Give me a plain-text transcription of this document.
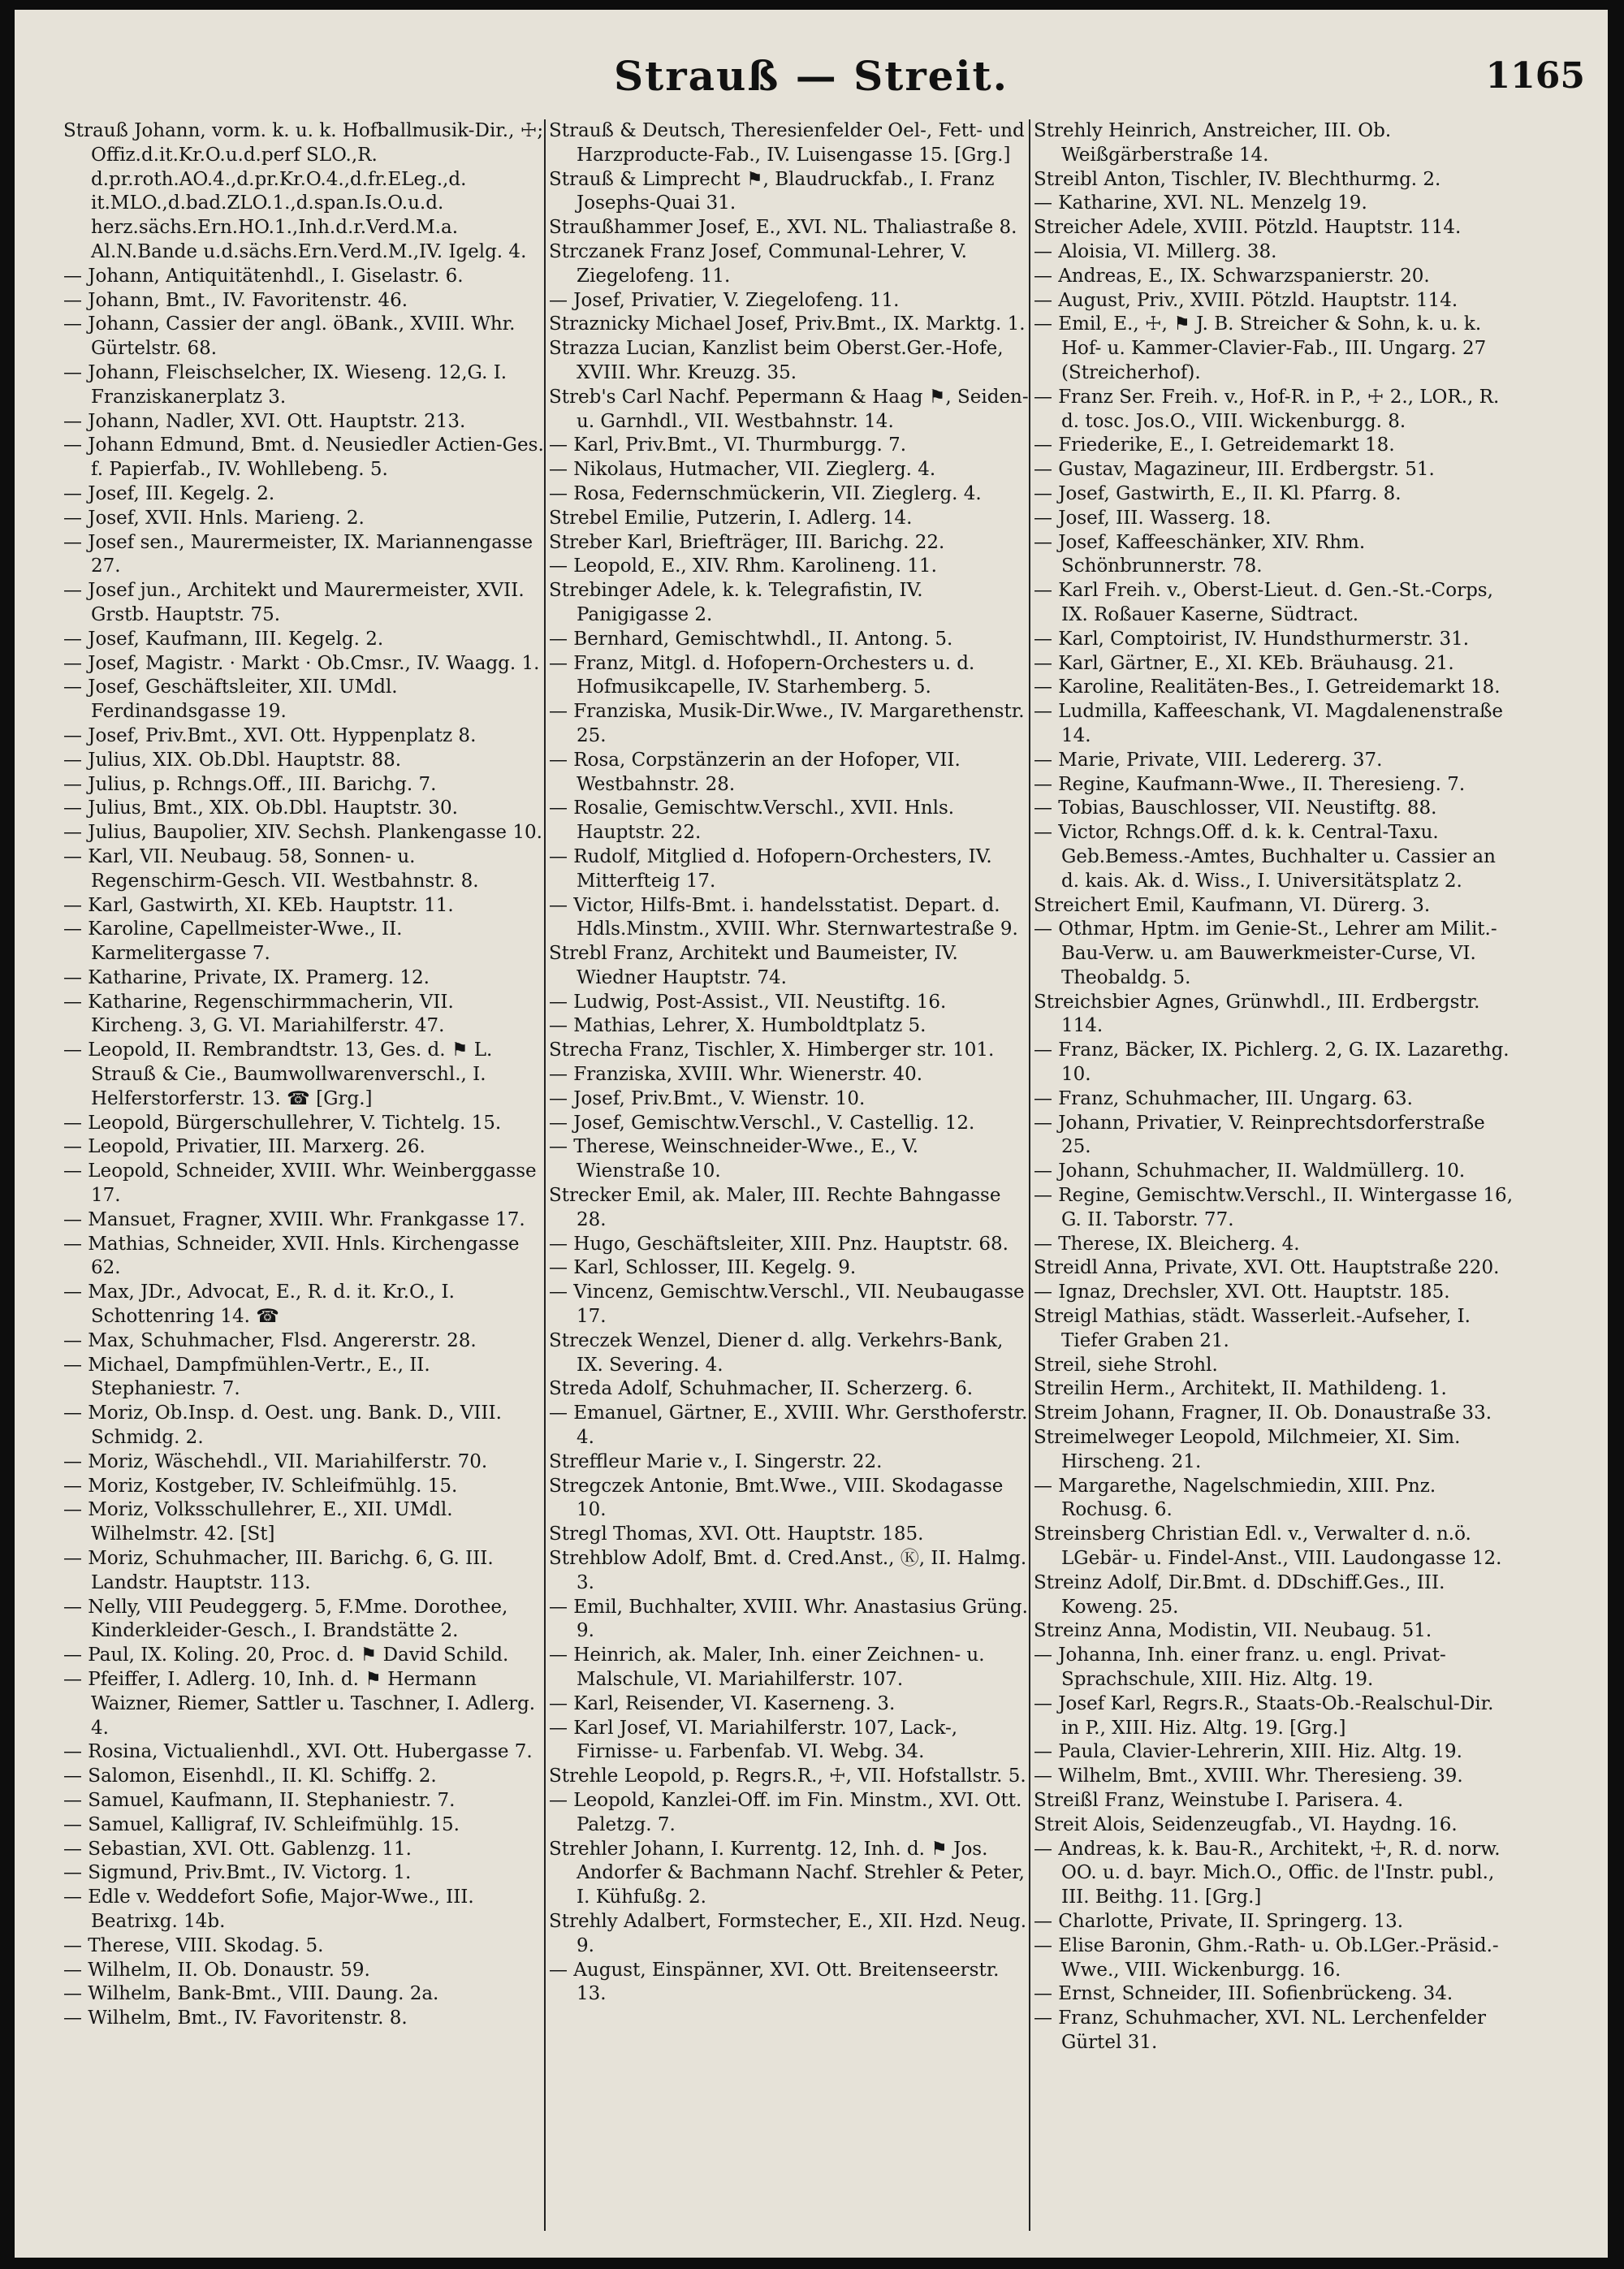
Strauß — Streit.	1165

Strauß Johann, vorm. k. u. k. Hofballmusik-Dir., ☩; Offiz.d.it.Kr.O.u.d.perf SLO.,R. d.pr.roth.AO.4.,d.pr.Kr.O.4.,d.fr.ELeg.,d. it.MLO.,d.bad.ZLO.1.,d.span.Is.O.u.d. herz.sächs.Ern.HO.1.,Inh.d.r.Verd.M.a. Al.N.Bande u.d.sächs.Ern.Verd.M.,IV. Igelg. 4.

— Johann, Antiquitätenhdl., I. Giselastr. 6.

— Johann, Bmt., IV. Favoritenstr. 46.

— Johann, Cassier der angl. öBank., XVIII. Whr. Gürtelstr. 68.

— Johann, Fleischselcher, IX. Wieseng. 12,G. I. Franziskanerplatz 3.

— Johann, Nadler, XVI. Ott. Hauptstr. 213.

— Johann Edmund, Bmt. d. Neusiedler Actien-Ges. f. Papierfab., IV. Wohllebeng. 5.

— Josef, III. Kegelg. 2.

— Josef, XVII. Hnls. Marieng. 2.

— Josef sen., Maurermeister, IX. Mariannengasse 27.

— Josef jun., Architekt und Maurermeister, XVII. Grstb. Hauptstr. 75.

— Josef, Kaufmann, III. Kegelg. 2.

— Josef, Magistr. · Markt · Ob.Cmsr., IV. Waagg. 1.

— Josef, Geschäftsleiter, XII. UMdl. Ferdinandsgasse 19.

— Josef, Priv.Bmt., XVI. Ott. Hyppenplatz 8.

— Julius, XIX. Ob.Dbl. Hauptstr. 88.

— Julius, p. Rchngs.Off., III. Barichg. 7.

— Julius, Bmt., XIX. Ob.Dbl. Hauptstr. 30.

— Julius, Baupolier, XIV. Sechsh. Plankengasse 10.

— Karl, VII. Neubaug. 58, Sonnen- u. Regenschirm-Gesch. VII. Westbahnstr. 8.

— Karl, Gastwirth, XI. KEb. Hauptstr. 11.

— Karoline, Capellmeister-Wwe., II. Karmelitergasse 7.

— Katharine, Private, IX. Pramerg. 12.

— Katharine, Regenschirmmacherin, VII. Kircheng. 3, G. VI. Mariahilferstr. 47.

— Leopold, II. Rembrandtstr. 13, Ges. d. ⚑ L. Strauß & Cie., Baumwollwarenverschl., I. Helferstorferstr. 13. ☎ [Grg.]

— Leopold, Bürgerschullehrer, V. Tichtelg. 15.

— Leopold, Privatier, III. Marxerg. 26.

— Leopold, Schneider, XVIII. Whr. Weinberggasse 17.

— Mansuet, Fragner, XVIII. Whr. Frankgasse 17.

— Mathias, Schneider, XVII. Hnls. Kirchengasse 62.

— Max, JDr., Advocat, E., R. d. it. Kr.O., I. Schottenring 14. ☎

— Max, Schuhmacher, Flsd. Angererstr. 28.

— Michael, Dampfmühlen-Vertr., E., II. Stephaniestr. 7.

— Moriz, Ob.Insp. d. Oest. ung. Bank. D., VIII. Schmidg. 2.

— Moriz, Wäschehdl., VII. Mariahilferstr. 70.

— Moriz, Kostgeber, IV. Schleifmühlg. 15.

— Moriz, Volksschullehrer, E., XII. UMdl. Wilhelmstr. 42. [St]

— Moriz, Schuhmacher, III. Barichg. 6, G. III. Landstr. Hauptstr. 113.

— Nelly, VIII Peudeggerg. 5, F.Mme. Dorothee, Kinderkleider-Gesch., I. Brandstätte 2.

— Paul, IX. Koling. 20, Proc. d. ⚑ David Schild.

— Pfeiffer, I. Adlerg. 10, Inh. d. ⚑ Hermann Waizner, Riemer, Sattler u. Taschner, I. Adlerg. 4.

— Rosina, Victualienhdl., XVI. Ott. Hubergasse 7.

— Salomon, Eisenhdl., II. Kl. Schiffg. 2.

— Samuel, Kaufmann, II. Stephaniestr. 7.

— Samuel, Kalligraf, IV. Schleifmühlg. 15.

— Sebastian, XVI. Ott. Gablenzg. 11.

— Sigmund, Priv.Bmt., IV. Victorg. 1.

— Edle v. Weddefort Sofie, Major-Wwe., III. Beatrixg. 14b.

— Therese, VIII. Skodag. 5.

— Wilhelm, II. Ob. Donaustr. 59.

— Wilhelm, Bank-Bmt., VIII. Daung. 2a.

— Wilhelm, Bmt., IV. Favoritenstr. 8.

Strauß & Deutsch, Theresienfelder Oel-, Fett- und Harzproducte-Fab., IV. Luisengasse 15. [Grg.]

Strauß & Limprecht ⚑, Blaudruckfab., I. Franz Josephs-Quai 31.

Straußhammer Josef, E., XVI. NL. Thaliastraße 8.

Strczanek Franz Josef, Communal-Lehrer, V. Ziegelofeng. 11.

— Josef, Privatier, V. Ziegelofeng. 11.

Straznicky Michael Josef, Priv.Bmt., IX. Marktg. 1.

Strazza Lucian, Kanzlist beim Oberst.Ger.-Hofe, XVIII. Whr. Kreuzg. 35.

Streb's Carl Nachf. Pepermann & Haag ⚑, Seiden- u. Garnhdl., VII. Westbahnstr. 14.

— Karl, Priv.Bmt., VI. Thurmburgg. 7.

— Nikolaus, Hutmacher, VII. Zieglerg. 4.

— Rosa, Federnschmückerin, VII. Zieglerg. 4.

Strebel Emilie, Putzerin, I. Adlerg. 14.

Streber Karl, Briefträger, III. Barichg. 22.

— Leopold, E., XIV. Rhm. Karolineng. 11.

Strebinger Adele, k. k. Telegrafistin, IV. Panigigasse 2.

— Bernhard, Gemischtwhdl., II. Antong. 5.

— Franz, Mitgl. d. Hofopern-Orchesters u. d. Hofmusikcapelle, IV. Starhemberg. 5.

— Franziska, Musik-Dir.Wwe., IV. Margarethenstr. 25.

— Rosa, Corpstänzerin an der Hofoper, VII. Westbahnstr. 28.

— Rosalie, Gemischtw.Verschl., XVII. Hnls. Hauptstr. 22.

— Rudolf, Mitglied d. Hofopern-Orchesters, IV. Mitterfteig 17.

— Victor, Hilfs-Bmt. i. handelsstatist. Depart. d. Hdls.Minstm., XVIII. Whr. Sternwartestraße 9.

Strebl Franz, Architekt und Baumeister, IV. Wiedner Hauptstr. 74.

— Ludwig, Post-Assist., VII. Neustiftg. 16.

— Mathias, Lehrer, X. Humboldtplatz 5.

Strecha Franz, Tischler, X. Himberger str. 101.

— Franziska, XVIII. Whr. Wienerstr. 40.

— Josef, Priv.Bmt., V. Wienstr. 10.

— Josef, Gemischtw.Verschl., V. Castellig. 12.

— Therese, Weinschneider-Wwe., E., V. Wienstraße 10.

Strecker Emil, ak. Maler, III. Rechte Bahngasse 28.

— Hugo, Geschäftsleiter, XIII. Pnz. Hauptstr. 68.

— Karl, Schlosser, III. Kegelg. 9.

— Vincenz, Gemischtw.Verschl., VII. Neubaugasse 17.

Streczek Wenzel, Diener d. allg. Verkehrs-Bank, IX. Severing. 4.

Streda Adolf, Schuhmacher, II. Scherzerg. 6.

— Emanuel, Gärtner, E., XVIII. Whr. Gersthoferstr. 4.

Streffleur Marie v., I. Singerstr. 22.

Stregczek Antonie, Bmt.Wwe., VIII. Skodagasse 10.

Stregl Thomas, XVI. Ott. Hauptstr. 185.

Strehblow Adolf, Bmt. d. Cred.Anst., Ⓚ, II. Halmg. 3.

— Emil, Buchhalter, XVIII. Whr. Anastasius Grüng. 9.

— Heinrich, ak. Maler, Inh. einer Zeichnen- u. Malschule, VI. Mariahilferstr. 107.

— Karl, Reisender, VI. Kaserneng. 3.

— Karl Josef, VI. Mariahilferstr. 107, Lack-, Firnisse- u. Farbenfab. VI. Webg. 34.

Strehle Leopold, p. Regrs.R., ☩, VII. Hofstallstr. 5.

— Leopold, Kanzlei-Off. im Fin. Minstm., XVI. Ott. Paletzg. 7.

Strehler Johann, I. Kurrentg. 12, Inh. d. ⚑ Jos. Andorfer & Bachmann Nachf. Strehler & Peter, I. Kühfußg. 2.

Strehly Adalbert, Formstecher, E., XII. Hzd. Neug. 9.

— August, Einspänner, XVI. Ott. Breitenseerstr. 13.

Strehly Heinrich, Anstreicher, III. Ob. Weißgärberstraße 14.

Streibl Anton, Tischler, IV. Blechthurmg. 2.

— Katharine, XVI. NL. Menzelg 19.

Streicher Adele, XVIII. Pötzld. Hauptstr. 114.

— Aloisia, VI. Millerg. 38.

— Andreas, E., IX. Schwarzspanierstr. 20.

— August, Priv., XVIII. Pötzld. Hauptstr. 114.

— Emil, E., ☩, ⚑ J. B. Streicher & Sohn, k. u. k. Hof- u. Kammer-Clavier-Fab., III. Ungarg. 27 (Streicherhof).

— Franz Ser. Freih. v., Hof-R. in P., ☩ 2., LOR., R. d. tosc. Jos.O., VIII. Wickenburgg. 8.

— Friederike, E., I. Getreidemarkt 18.

— Gustav, Magazineur, III. Erdbergstr. 51.

— Josef, Gastwirth, E., II. Kl. Pfarrg. 8.

— Josef, III. Wasserg. 18.

— Josef, Kaffeeschänker, XIV. Rhm. Schönbrunnerstr. 78.

— Karl Freih. v., Oberst-Lieut. d. Gen.-St.-Corps, IX. Roßauer Kaserne, Südtract.

— Karl, Comptoirist, IV. Hundsthurmerstr. 31.

— Karl, Gärtner, E., XI. KEb. Bräuhausg. 21.

— Karoline, Realitäten-Bes., I. Getreidemarkt 18.

— Ludmilla, Kaffeeschank, VI. Magdalenenstraße 14.

— Marie, Private, VIII. Ledererg. 37.

— Regine, Kaufmann-Wwe., II. Theresieng. 7.

— Tobias, Bauschlosser, VII. Neustiftg. 88.

— Victor, Rchngs.Off. d. k. k. Central-Taxu. Geb.Bemess.-Amtes, Buchhalter u. Cassier an d. kais. Ak. d. Wiss., I. Universitätsplatz 2.

Streichert Emil, Kaufmann, VI. Dürerg. 3.

— Othmar, Hptm. im Genie-St., Lehrer am Milit.-Bau-Verw. u. am Bauwerkmeister-Curse, VI. Theobaldg. 5.

Streichsbier Agnes, Grünwhdl., III. Erdbergstr. 114.

— Franz, Bäcker, IX. Pichlerg. 2, G. IX. Lazarethg. 10.

— Franz, Schuhmacher, III. Ungarg. 63.

— Johann, Privatier, V. Reinprechtsdorferstraße 25.

— Johann, Schuhmacher, II. Waldmüllerg. 10.

— Regine, Gemischtw.Verschl., II. Wintergasse 16, G. II. Taborstr. 77.

— Therese, IX. Bleicherg. 4.

Streidl Anna, Private, XVI. Ott. Hauptstraße 220.

— Ignaz, Drechsler, XVI. Ott. Hauptstr. 185.

Streigl Mathias, städt. Wasserleit.-Aufseher, I. Tiefer Graben 21.

Streil, siehe Strohl.

Streilin Herm., Architekt, II. Mathildeng. 1.

Streim Johann, Fragner, II. Ob. Donaustraße 33.

Streimelweger Leopold, Milchmeier, XI. Sim. Hirscheng. 21.

— Margarethe, Nagelschmiedin, XIII. Pnz. Rochusg. 6.

Streinsberg Christian Edl. v., Verwalter d. n.ö. LGebär- u. Findel-Anst., VIII. Laudongasse 12.

Streinz Adolf, Dir.Bmt. d. DDschiff.Ges., III. Koweng. 25.

Streinz Anna, Modistin, VII. Neubaug. 51.

— Johanna, Inh. einer franz. u. engl. Privat-Sprachschule, XIII. Hiz. Altg. 19.

— Josef Karl, Regrs.R., Staats-Ob.-Realschul-Dir. in P., XIII. Hiz. Altg. 19. [Grg.]

— Paula, Clavier-Lehrerin, XIII. Hiz. Altg. 19.

— Wilhelm, Bmt., XVIII. Whr. Theresieng. 39.

Streißl Franz, Weinstube I. Parisera. 4.

Streit Alois, Seidenzeugfab., VI. Haydng. 16.

— Andreas, k. k. Bau-R., Architekt, ☩, R. d. norw. OO. u. d. bayr. Mich.O., Offic. de l'Instr. publ., III. Beithg. 11. [Grg.]

— Charlotte, Private, II. Springerg. 13.

— Elise Baronin, Ghm.-Rath- u. Ob.LGer.-Präsid.-Wwe., VIII. Wickenburgg. 16.

— Ernst, Schneider, III. Sofienbrückeng. 34.

— Franz, Schuhmacher, XVI. NL. Lerchenfelder Gürtel 31.
